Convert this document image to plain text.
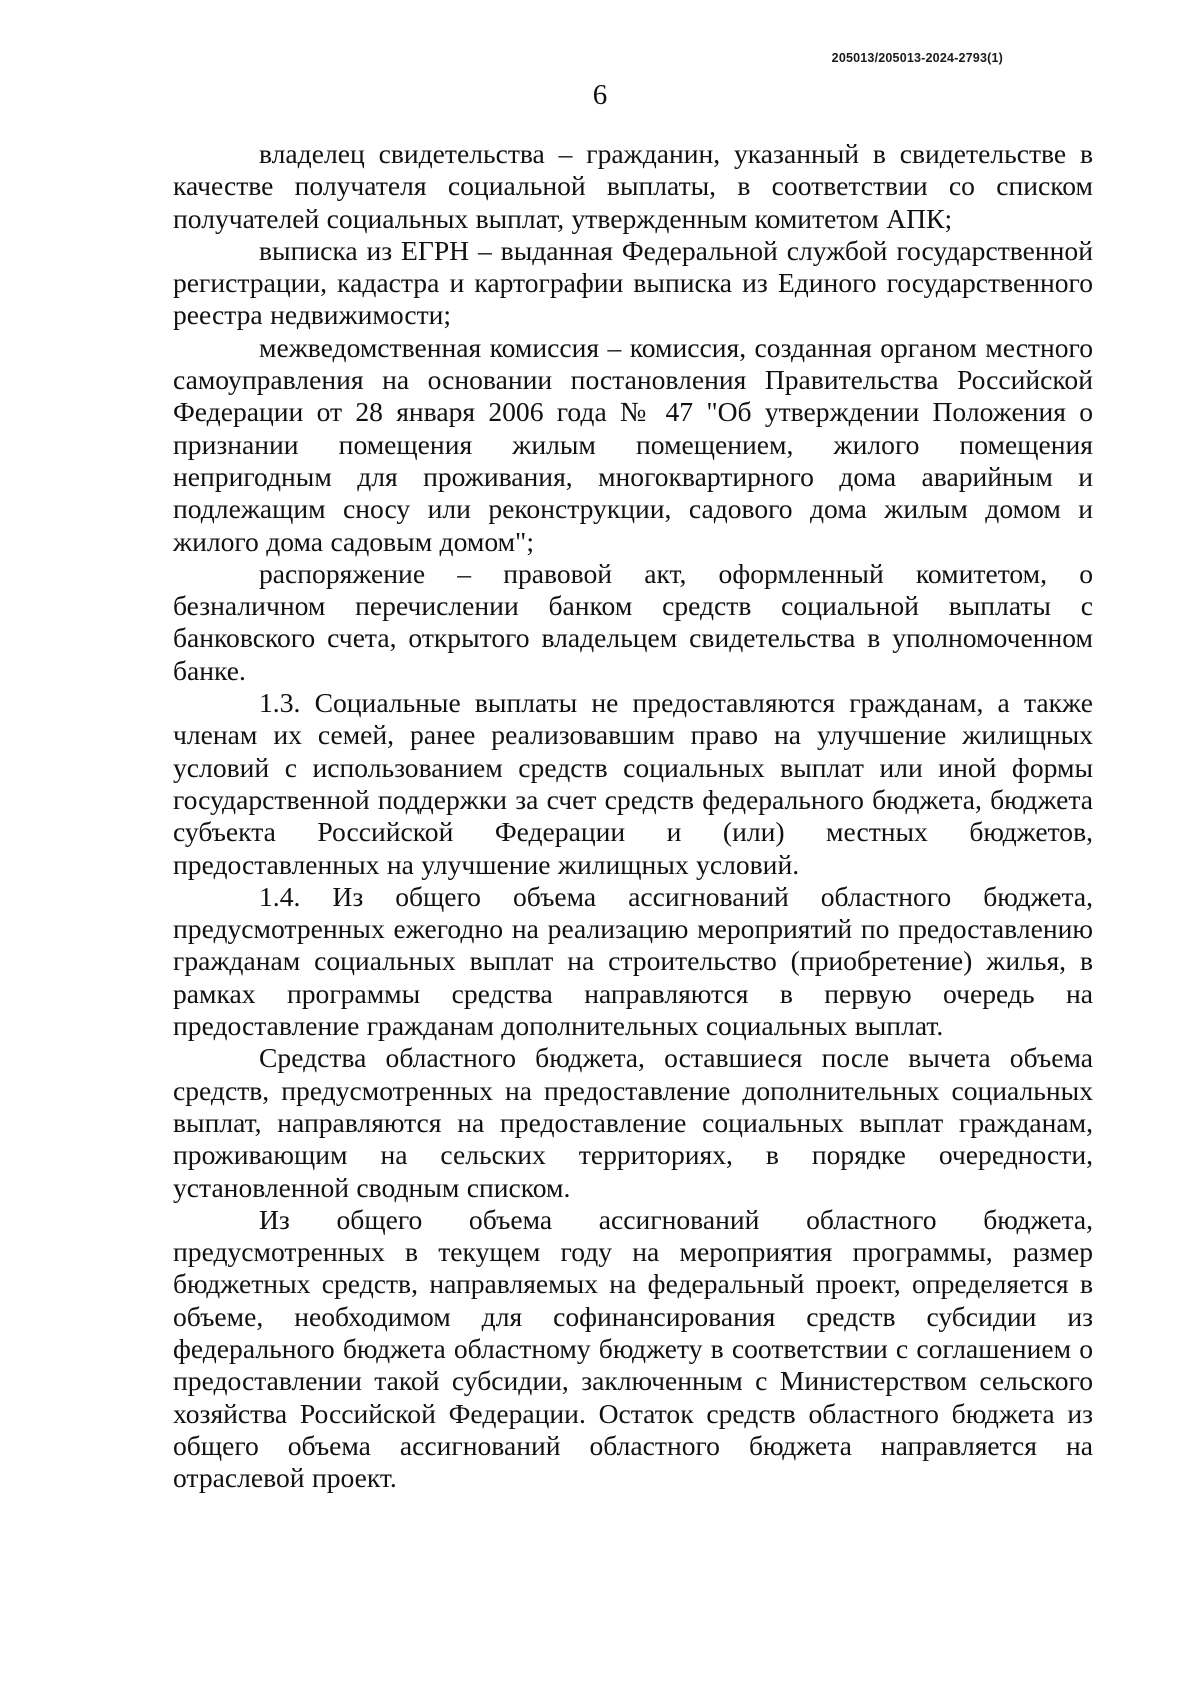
205013/205013-2024-2793(1)
6

владелец свидетельства – гражданин, указанный в свидетельстве в качестве получателя социальной выплаты, в соответствии со списком получателей социальных выплат, утвержденным комитетом АПК;

выписка из ЕГРН – выданная Федеральной службой государственной регистрации, кадастра и картографии выписка из Единого государственного реестра недвижимости;

межведомственная комиссия – комиссия, созданная органом местного самоуправления на основании постановления Правительства Российской Федерации от 28 января 2006 года № 47 "Об утверждении Положения о признании помещения жилым помещением, жилого помещения непригодным для проживания, многоквартирного дома аварийным и подлежащим сносу или реконструкции, садового дома жилым домом и жилого дома садовым домом";

распоряжение – правовой акт, оформленный комитетом, о безналичном перечислении банком средств социальной выплаты с банковского счета, открытого владельцем свидетельства в уполномоченном банке.

1.3. Социальные выплаты не предоставляются гражданам, а также членам их семей, ранее реализовавшим право на улучшение жилищных условий с использованием средств социальных выплат или иной формы государственной поддержки за счет средств федерального бюджета, бюджета субъекта Российской Федерации и (или) местных бюджетов, предоставленных на улучшение жилищных условий.

1.4. Из общего объема ассигнований областного бюджета, предусмотренных ежегодно на реализацию мероприятий по предоставлению гражданам социальных выплат на строительство (приобретение) жилья, в рамках программы средства направляются в первую очередь на предоставление гражданам дополнительных социальных выплат.

Средства областного бюджета, оставшиеся после вычета объема средств, предусмотренных на предоставление дополнительных социальных выплат, направляются на предоставление социальных выплат гражданам, проживающим на сельских территориях, в порядке очередности, установленной сводным списком.

Из общего объема ассигнований областного бюджета, предусмотренных в текущем году на мероприятия программы, размер бюджетных средств, направляемых на федеральный проект, определяется в объеме, необходимом для софинансирования средств субсидии из федерального бюджета областному бюджету в соответствии с соглашением о предоставлении такой субсидии, заключенным с Министерством сельского хозяйства Российской Федерации. Остаток средств областного бюджета из общего объема ассигнований областного бюджета направляется на отраслевой проект.
